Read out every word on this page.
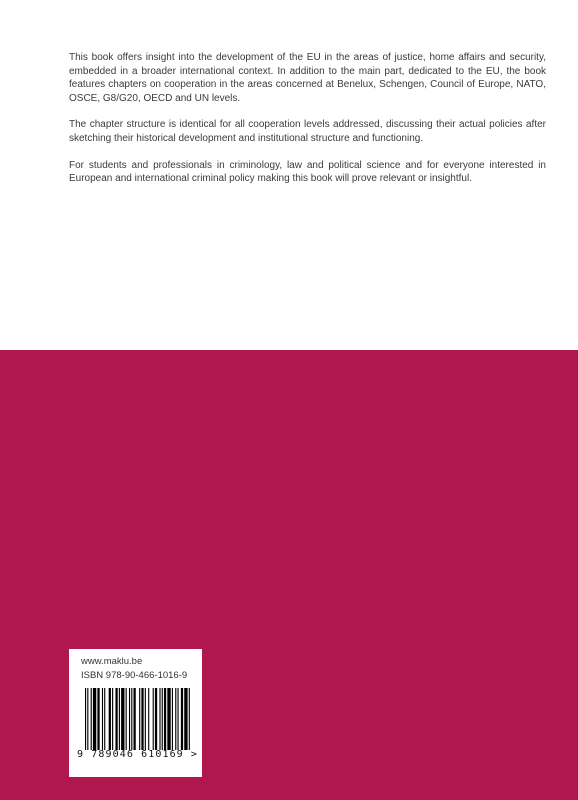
This book offers insight into the development of the EU in the areas of justice, home affairs and security, embedded in a broader international context. In addition to the main part, dedicated to the EU, the book features chapters on cooperation in the areas concerned at Benelux, Schengen, Council of Europe, NATO, OSCE, G8/G20, OECD and UN levels.

The chapter structure is identical for all cooperation levels addressed, discussing their actual policies after sketching their historical development and institutional structure and functioning.

For students and professionals in criminology, law and political science and for everyone interested in European and international criminal policy making this book will prove relevant or insightful.

www.maklu.be
ISBN 978-90-466-1016-9
9 789046 610169 >
